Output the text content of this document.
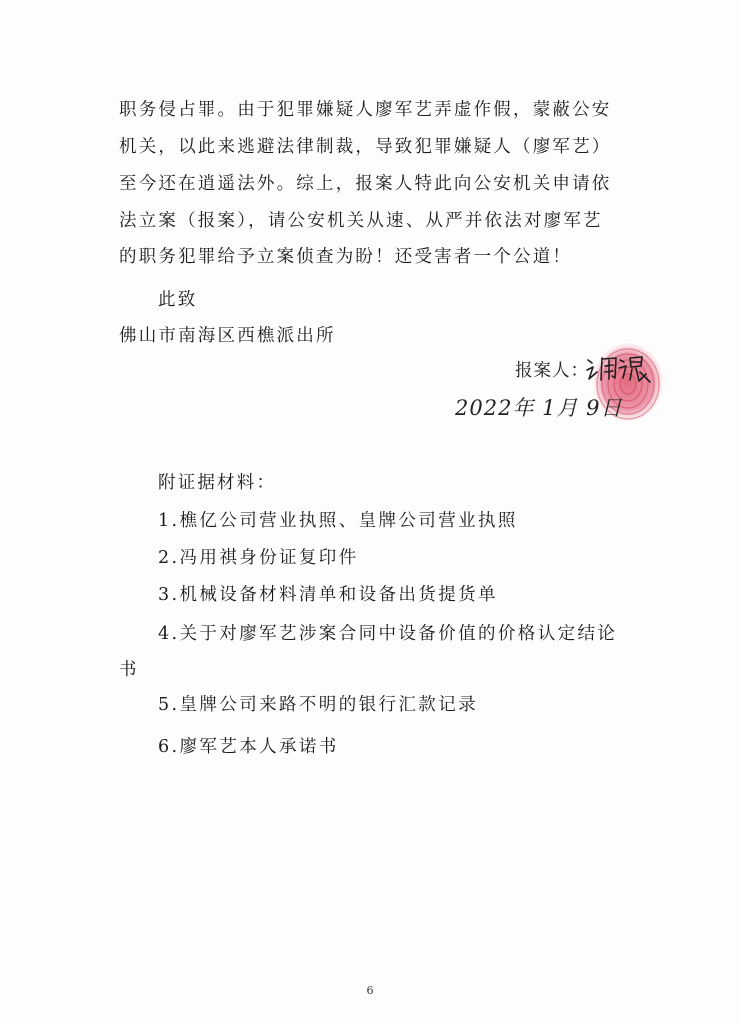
职务侵占罪。由于犯罪嫌疑人廖军艺弄虚作假，蒙蔽公安
机关，以此来逃避法律制裁，导致犯罪嫌疑人（廖军艺）
至今还在逍遥法外。综上，报案人特此向公安机关申请依
法立案（报案），请公安机关从速、从严并依法对廖军艺
的职务犯罪给予立案侦查为盼！还受害者一个公道！
此致
佛山市南海区西樵派出所
报案人：
2022年 1月 9日
附证据材料：
1.樵亿公司营业执照、皇牌公司营业执照
2.冯用祺身份证复印件
3.机械设备材料清单和设备出货提货单
4.关于对廖军艺涉案合同中设备价值的价格认定结论
书
5.皇牌公司来路不明的银行汇款记录
6.廖军艺本人承诺书
6
